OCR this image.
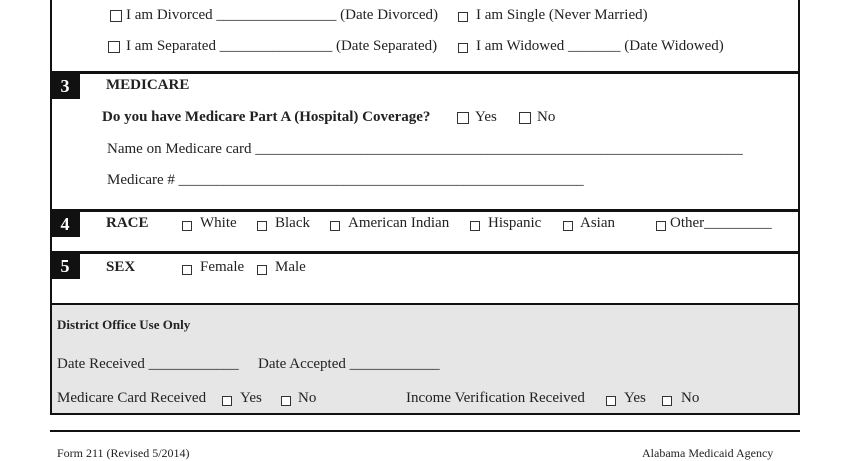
I am Divorced ________________ (Date Divorced)	I am Single (Never Married)
I am Separated _______________ (Date Separated)	I am Widowed _______ (Date Widowed)
3	MEDICARE
Do you have Medicare Part A (Hospital) Coverage?	Yes	No
Name on Medicare card _________________________________________________________________
Medicare # ______________________________________________________
4	RACE	White	Black	American Indian	Hispanic	Asian	Other_________
5	SEX	Female Male
District Office Use Only
Date Received ____________ Date Accepted ____________
Medicare Card Received Yes No	Income Verification Received	Yes No
Form 211 (Revised 5/2014)	Alabama Medicaid Agency
